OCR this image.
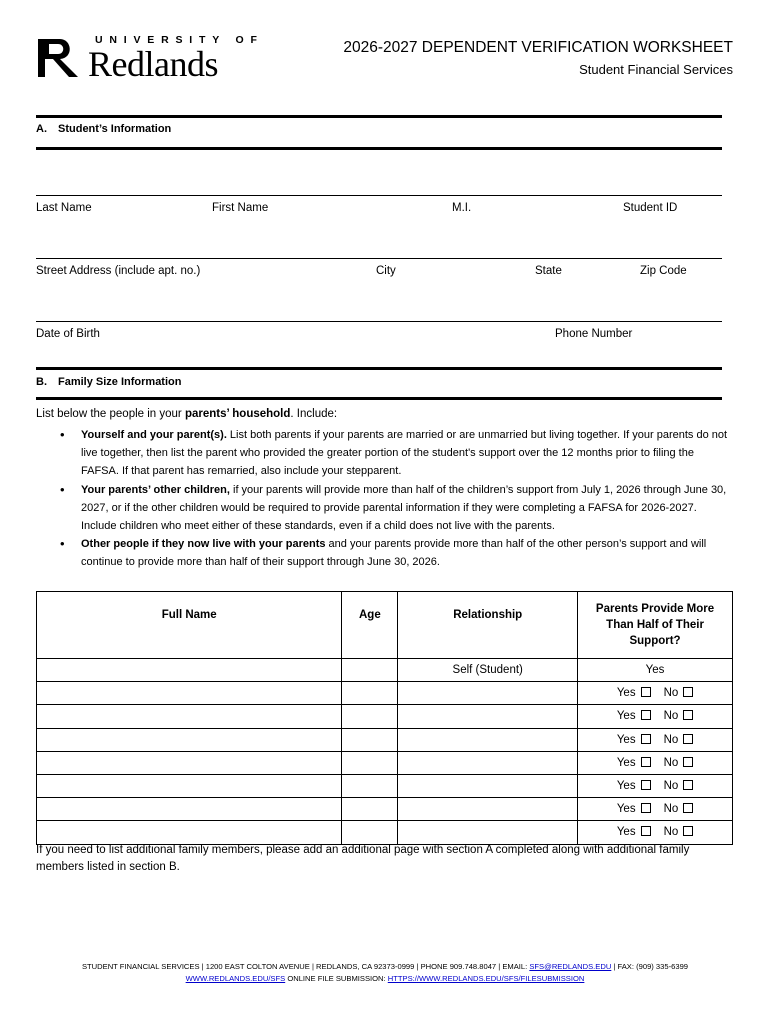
UNIVERSITY OF
Redlands	2026-2027 DEPENDENT VERIFICATION WORKSHEET
Student Financial Services
A. Student’s Information
Last Name	First Name	M.I.	Student ID
Street Address (include apt. no.)	City	State	Zip Code
Date of Birth	Phone Number
B. Family Size Information
List below the people in your parents’ household. Include:
• Yourself and your parent(s). List both parents if your parents are married or are unmarried but living together. If your parents do not live together, then list the parent who provided the greater portion of the student's support over the 12 months prior to filing the FAFSA. If that parent has remarried, also include your stepparent.
• Your parents’ other children, if your parents will provide more than half of the children’s support from July 1, 2026 through June 30, 2027, or if the other children would be required to provide parental information if they were completing a FAFSA for 2026-2027. Include children who meet either of these standards, even if a child does not live with the parents.
• Other people if they now live with your parents and your parents provide more than half of the other person’s support and will continue to provide more than half of their support through June 30, 2026.
Full Name	Age	Relationship	Parents Provide More Than Half of Their Support?
		Self (Student)	Yes
			Yes No
			Yes No
			Yes No
			Yes No
			Yes No
			Yes No
			Yes No
If you need to list additional family members, please add an additional page with section A completed along with additional family members listed in section B.
STUDENT FINANCIAL SERVICES | 1200 EAST COLTON AVENUE | REDLANDS, CA 92373-0999 | PHONE 909.748.8047 | EMAIL: SFS@REDLANDS.EDU | FAX: (909) 335-6399
WWW.REDLANDS.EDU/SFS ONLINE FILE SUBMISSION: HTTPS://WWW.REDLANDS.EDU/SFS/FILESUBMISSION
